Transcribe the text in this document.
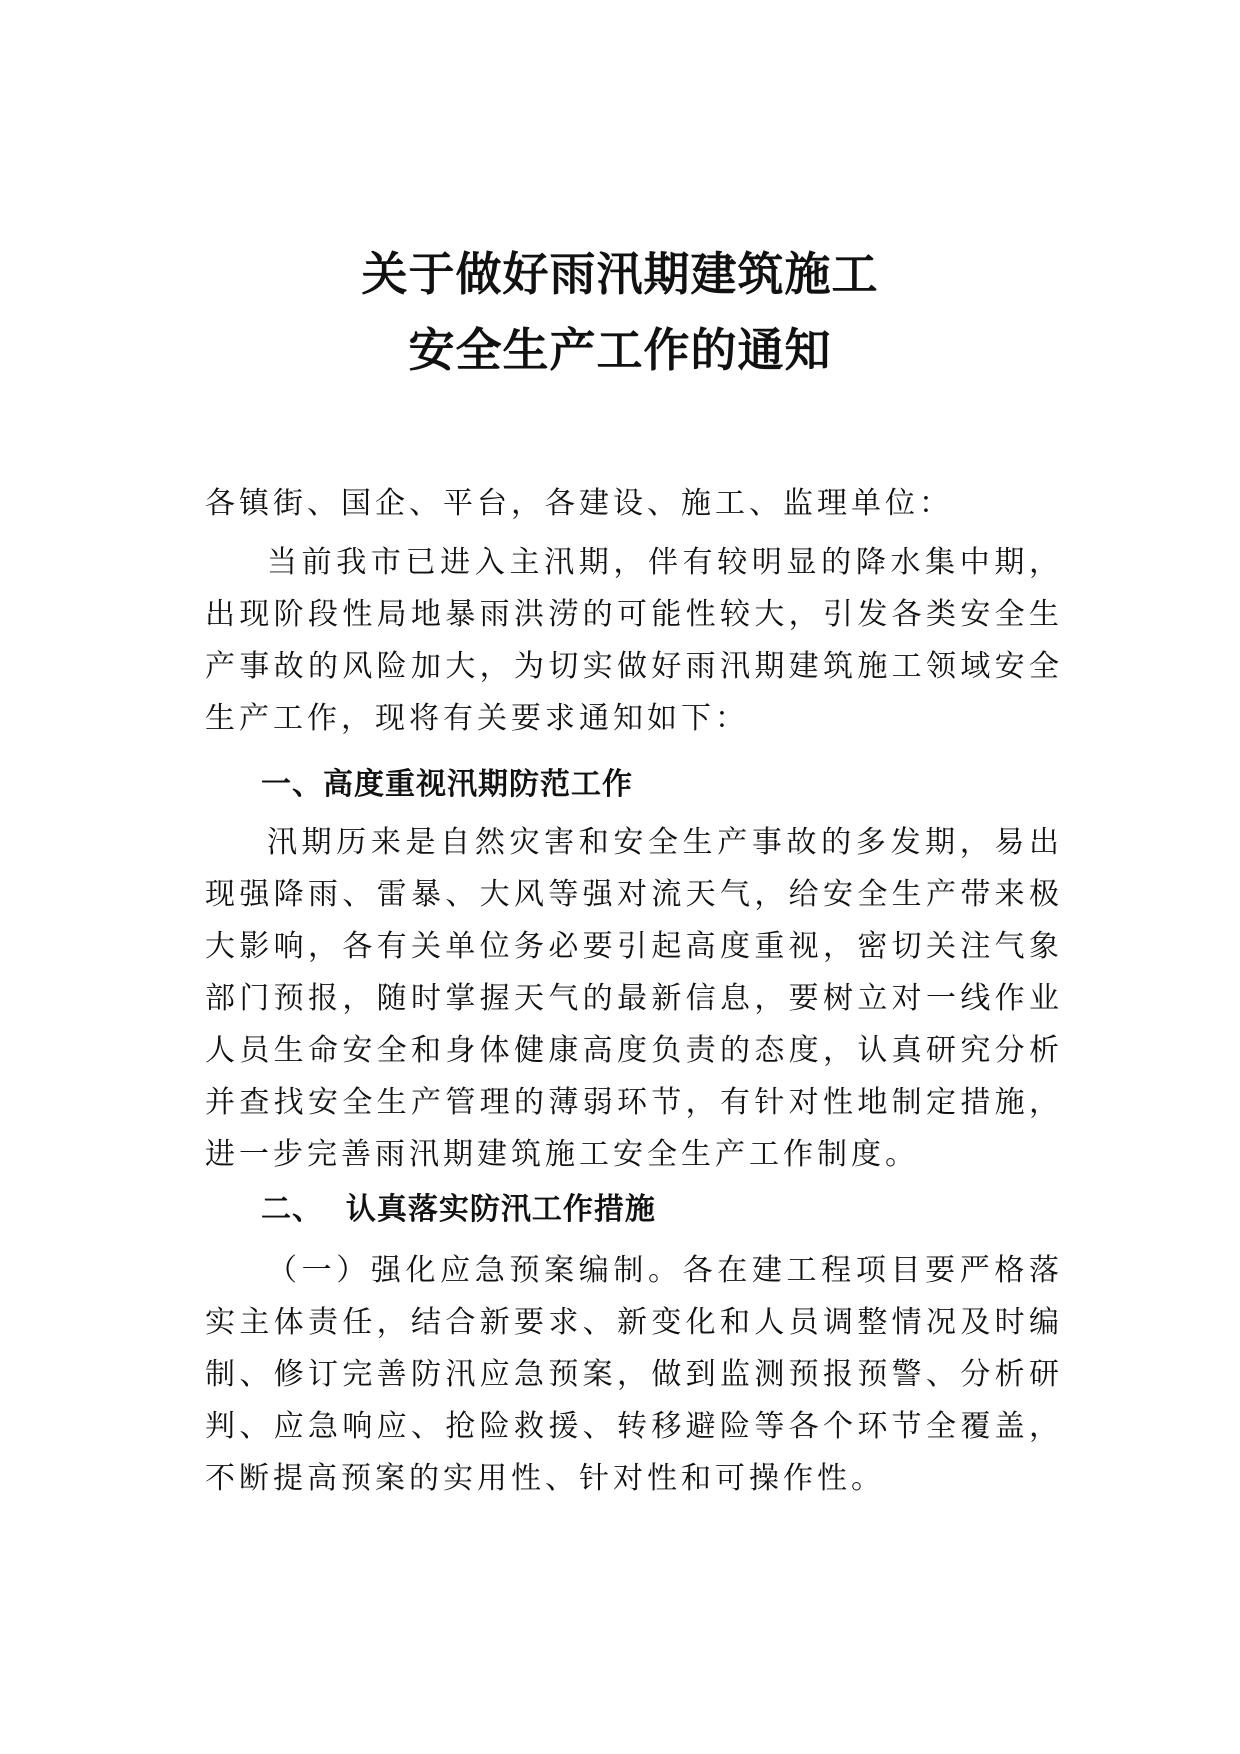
关于做好雨汛期建筑施工
安全生产工作的通知
各镇街、国企、平台，各建设、施工、监理单位：
当前我市已进入主汛期，伴有较明显的降水集中期，出现阶段性局地暴雨洪涝的可能性较大，引发各类安全生产事故的风险加大，为切实做好雨汛期建筑施工领域安全生产工作，现将有关要求通知如下：
一、高度重视汛期防范工作
汛期历来是自然灾害和安全生产事故的多发期，易出现强降雨、雷暴、大风等强对流天气，给安全生产带来极大影响，各有关单位务必要引起高度重视，密切关注气象部门预报，随时掌握天气的最新信息，要树立对一线作业人员生命安全和身体健康高度负责的态度，认真研究分析并查找安全生产管理的薄弱环节，有针对性地制定措施，进一步完善雨汛期建筑施工安全生产工作制度。
二、  认真落实防汛工作措施
（一）强化应急预案编制。各在建工程项目要严格落实主体责任，结合新要求、新变化和人员调整情况及时编制、修订完善防汛应急预案，做到监测预报预警、分析研判、应急响应、抢险救援、转移避险等各个环节全覆盖，不断提高预案的实用性、针对性和可操作性。
